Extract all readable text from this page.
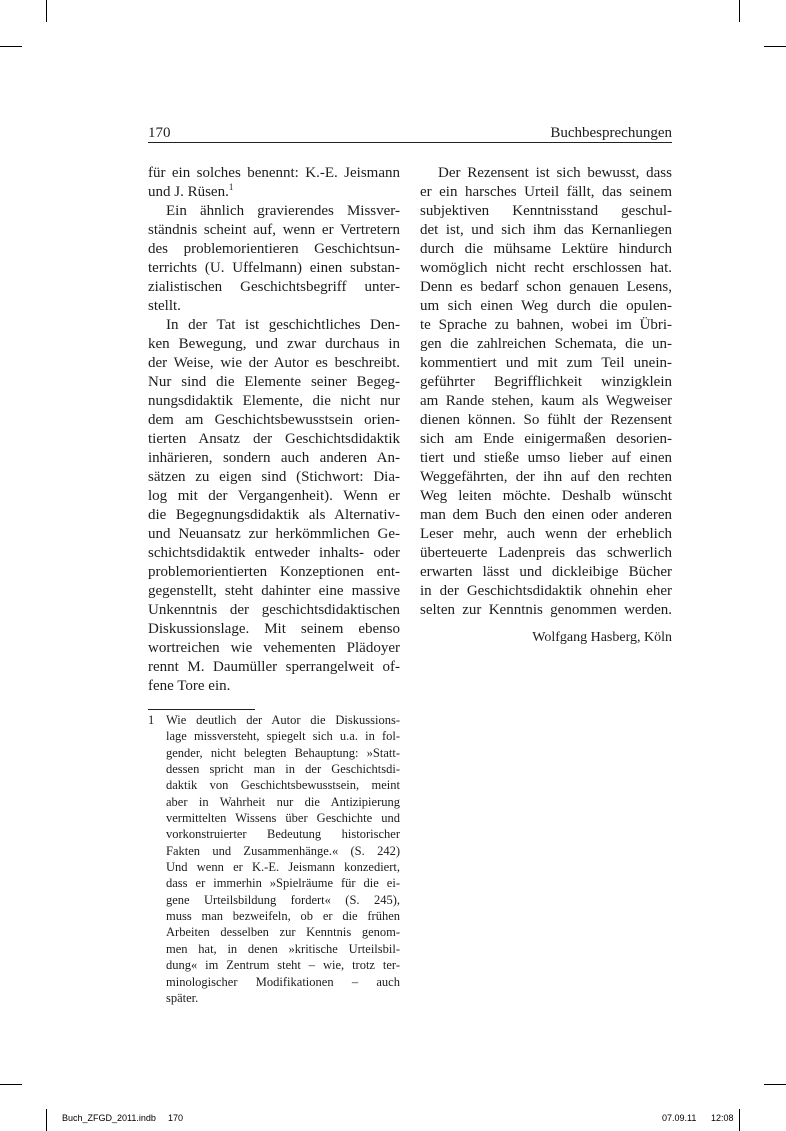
170	Buchbesprechungen
für ein solches benennt: K.-E. Jeismann
und J. Rüsen.$^1$
Ein ähnlich gravierendes Missver-
ständnis scheint auf, wenn er Vertretern
des problemorientieren Geschichtsun-
terrichts (U. Uffelmann) einen substan-
zialistischen Geschichtsbegriff unter-
stellt.
In der Tat ist geschichtliches Den-
ken Bewegung, und zwar durchaus in
der Weise, wie der Autor es beschreibt.
Nur sind die Elemente seiner Begeg-
nungsdidaktik Elemente, die nicht nur
dem am Geschichtsbewusstsein orien-
tierten Ansatz der Geschichtsdidaktik
inhärieren, sondern auch anderen An-
sätzen zu eigen sind (Stichwort: Dia-
log mit der Vergangenheit). Wenn er
die Begegnungsdidaktik als Alternativ-
und Neuansatz zur herkömmlichen Ge-
schichtsdidaktik entweder inhalts- oder
problemorientierten Konzeptionen ent-
gegenstellt, steht dahinter eine massive
Unkenntnis der geschichtsdidaktischen
Diskussionslage. Mit seinem ebenso
wortreichen wie vehementen Plädoyer
rennt M. Daumüller sperrangelweit of-
fene Tore ein.
1 Wie deutlich der Autor die Diskussions-
lage missversteht, spiegelt sich u.a. in fol-
gender, nicht belegten Behauptung: »Statt-
dessen spricht man in der Geschichtsdi-
daktik von Geschichtsbewusstsein, meint
aber in Wahrheit nur die Antizipierung
vermittelten Wissens über Geschichte und
vorkonstruierter Bedeutung historischer
Fakten und Zusammenhänge.« (S. 242)
Und wenn er K.-E. Jeismann konzediert,
dass er immerhin »Spielräume für die ei-
gene Urteilsbildung fordert« (S. 245),
muss man bezweifeln, ob er die frühen
Arbeiten desselben zur Kenntnis genom-
men hat, in denen »kritische Urteilsbil-
dung« im Zentrum steht – wie, trotz ter-
minologischer Modifikationen – auch
später.
Der Rezensent ist sich bewusst, dass
er ein harsches Urteil fällt, das seinem
subjektiven Kenntnisstand geschul-
det ist, und sich ihm das Kernanliegen
durch die mühsame Lektüre hindurch
womöglich nicht recht erschlossen hat.
Denn es bedarf schon genauen Lesens,
um sich einen Weg durch die opulen-
te Sprache zu bahnen, wobei im Übri-
gen die zahlreichen Schemata, die un-
kommentiert und mit zum Teil unein-
geführter Begrifflichkeit winzigklein
am Rande stehen, kaum als Wegweiser
dienen können. So fühlt der Rezensent
sich am Ende einigermaßen desorien-
tiert und stieße umso lieber auf einen
Weggefährten, der ihn auf den rechten
Weg leiten möchte. Deshalb wünscht
man dem Buch den einen oder anderen
Leser mehr, auch wenn der erheblich
überteuerte Ladenpreis das schwerlich
erwarten lässt und dickleibige Bücher
in der Geschichtsdidaktik ohnehin eher
selten zur Kenntnis genommen werden.
Wolfgang Hasberg, Köln
Buch_ZFGD_2011.indb 170	07.09.11 12:08
